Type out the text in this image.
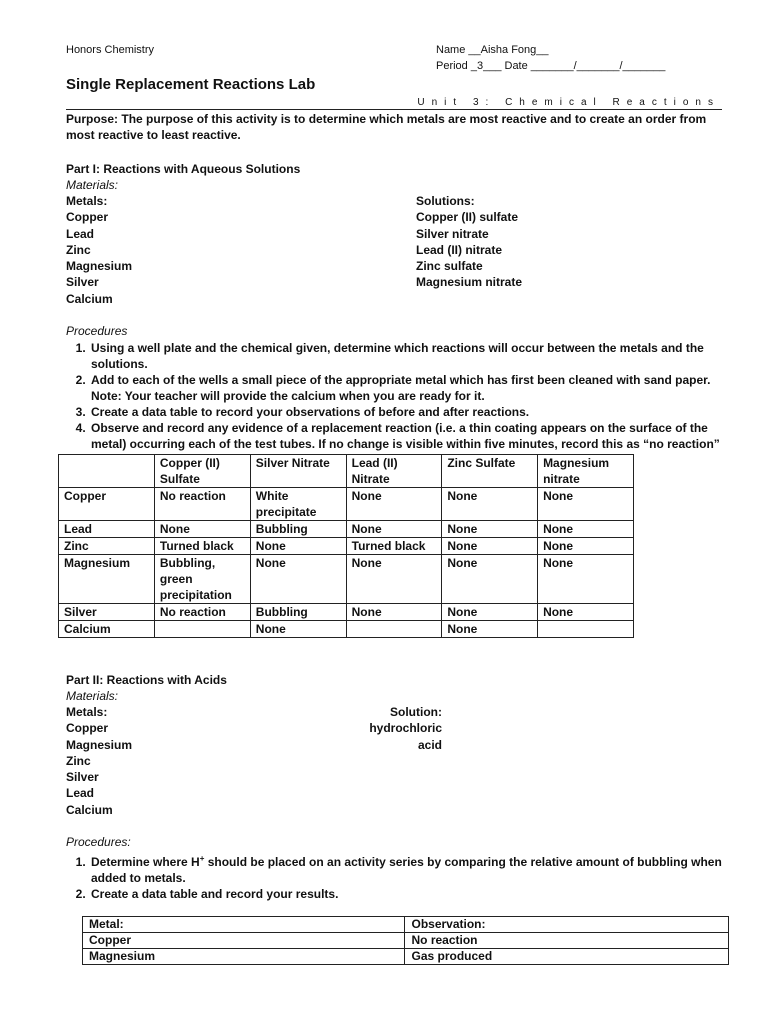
Honors Chemistry	Name __Aisha Fong__
Period _3___ Date _______/_______/_______
Single Replacement Reactions Lab
Unit 3: Chemical Reactions
Purpose: The purpose of this activity is to determine which metals are most reactive and to create an order from most reactive to least reactive.
Part I: Reactions with Aqueous Solutions
Materials:
Metals:
Copper
Lead
Zinc
Magnesium
Silver
Calcium
Solutions:
Copper (II) sulfate
Silver nitrate
Lead (II) nitrate
Zinc sulfate
Magnesium nitrate
Procedures
1. Using a well plate and the chemical given, determine which reactions will occur between the metals and the solutions.
2. Add to each of the wells a small piece of the appropriate metal which has first been cleaned with sand paper. Note: Your teacher will provide the calcium when you are ready for it.
3. Create a data table to record your observations of before and after reactions.
4. Observe and record any evidence of a replacement reaction (i.e. a thin coating appears on the surface of the metal) occurring each of the test tubes. If no change is visible within five minutes, record this as “no reaction”
	Copper (II) Sulfate	Silver Nitrate	Lead (II) Nitrate	Zinc Sulfate	Magnesium nitrate
Copper	No reaction	White precipitate	None	None	None
Lead	None	Bubbling	None	None	None
Zinc	Turned black	None	Turned black	None	None
Magnesium	Bubbling, green precipitation	None	None	None	None
Silver	No reaction	Bubbling	None	None	None
Calcium		None		None	
Part II: Reactions with Acids
Materials:
Metals:
Copper
Magnesium
Zinc
Silver
Lead
Calcium
Solution:
hydrochloric acid
Procedures:
1. Determine where H+ should be placed on an activity series by comparing the relative amount of bubbling when added to metals.
2. Create a data table and record your results.
Metal:	Observation:
Copper	No reaction
Magnesium	Gas produced
